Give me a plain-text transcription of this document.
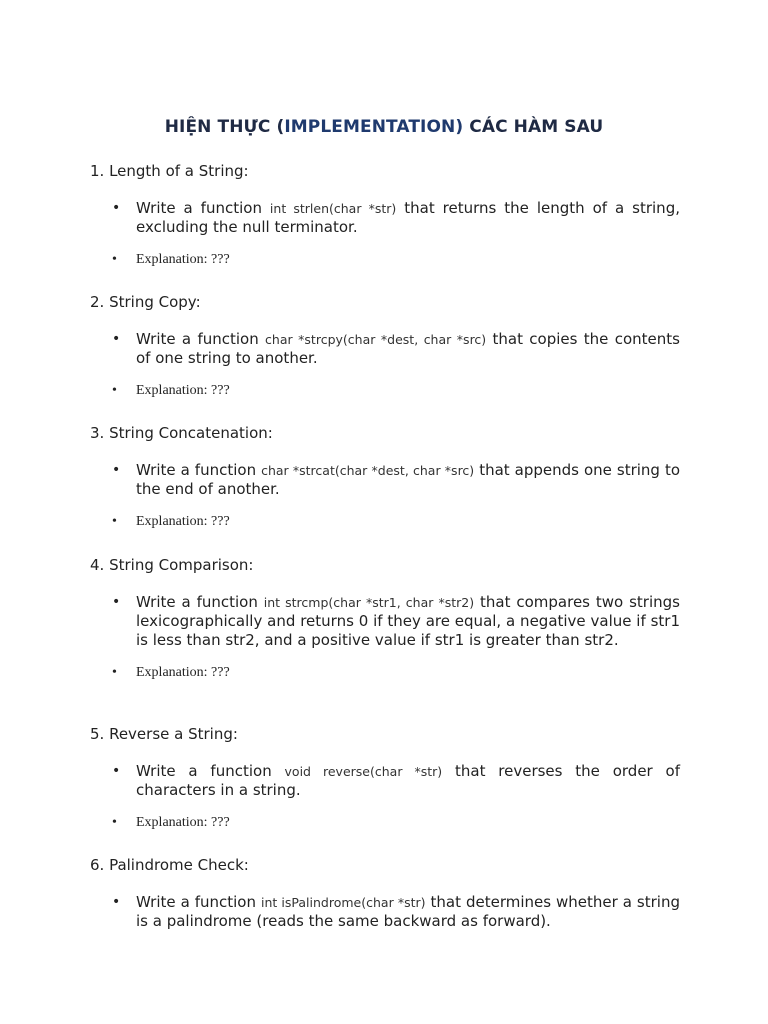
HIỆN THỰC (IMPLEMENTATION) CÁC HÀM SAU

1. Length of a String:

• Write a function int strlen(char *str) that returns the length of a string, excluding the null terminator.
• Explanation: ???

2. String Copy:

• Write a function char *strcpy(char *dest, char *src) that copies the contents of one string to another.
• Explanation: ???

3. String Concatenation:

• Write a function char *strcat(char *dest, char *src) that appends one string to the end of another.
• Explanation: ???

4. String Comparison:

• Write a function int strcmp(char *str1, char *str2) that compares two strings lexicographically and returns 0 if they are equal, a negative value if str1 is less than str2, and a positive value if str1 is greater than str2.
• Explanation: ???

5. Reverse a String:

• Write a function void reverse(char *str) that reverses the order of characters in a string.
• Explanation: ???

6. Palindrome Check:

• Write a function int isPalindrome(char *str) that determines whether a string is a palindrome (reads the same backward as forward).
